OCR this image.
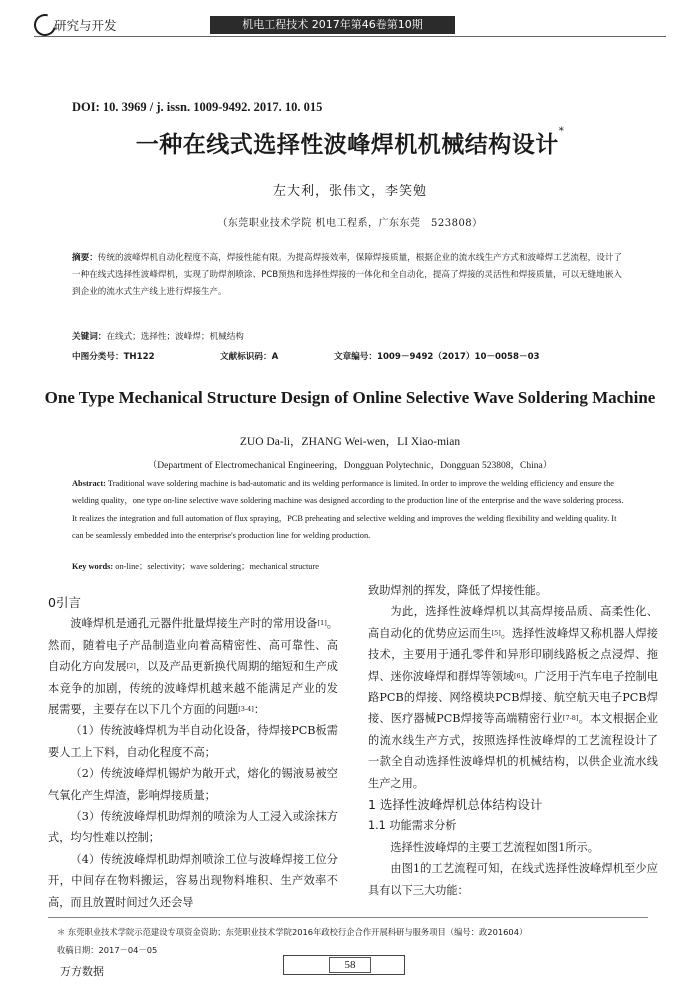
研究与开发	机电工程技术 2017年第46卷第10期
DOI: 10. 3969 / j. issn. 1009-9492. 2017. 10. 015
一种在线式选择性波峰焊机机械结构设计*
左大利，张伟文，李笑勉
（东莞职业技术学院 机电工程系，广东东莞　523808）
摘要：传统的波峰焊机自动化程度不高，焊接性能有限。为提高焊接效率，保障焊接质量，根据企业的流水线生产方式和波峰焊工艺流程，设计了一种在线式选择性波峰焊机，实现了助焊剂喷涂、PCB预热和选择性焊接的一体化和全自动化，提高了焊接的灵活性和焊接质量，可以无缝地嵌入到企业的流水式生产线上进行焊接生产。
关键词：在线式；选择性；波峰焊；机械结构
中图分类号：TH122	文献标识码：A	文章编号：1009－9492（2017）10－0058－03
One Type Mechanical Structure Design of Online Selective Wave Soldering Machine
ZUO Da-li，ZHANG Wei-wen，LI Xiao-mian
（Department of Electromechanical Engineering，Dongguan Polytechnic，Dongguan 523808，China）
Abstract: Traditional wave soldering machine is bad-automatic and its welding performance is limited. In order to improve the welding efficiency and ensure the welding quality，one type on-line selective wave soldering machine was designed according to the production line of the enterprise and the wave soldering process. It realizes the integration and full automation of flux spraying，PCB preheating and selective welding and improves the welding flexibility and welding quality. It can be seamlessly embedded into the enterprise's production line for welding production.
Key words: on-line；selectivity；wave soldering；mechanical structure
0引言

波峰焊机是通孔元器件批量焊接生产时的常用设备[1]。然而，随着电子产品制造业向着高精密性、高可靠性、高自动化方向发展[2]，以及产品更新换代周期的缩短和生产成本竞争的加剧，传统的波峰焊机越来越不能满足产业的发展需要，主要存在以下几个方面的问题[3-4]：

（1）传统波峰焊机为半自动化设备，待焊接PCB板需要人工上下料，自动化程度不高；

（2）传统波峰焊机锡炉为敞开式，熔化的锡液易被空气氧化产生焊渣，影响焊接质量；

（3）传统波峰焊机助焊剂的喷涂为人工浸入或涂抹方式，均匀性难以控制；

（4）传统波峰焊机助焊剂喷涂工位与波峰焊接工位分开，中间存在物料搬运，容易出现物料堆积、生产效率不高，而且放置时间过久还会导

致助焊剂的挥发，降低了焊接性能。

为此，选择性波峰焊机以其高焊接品质、高柔性化、高自动化的优势应运而生[5]。选择性波峰焊又称机器人焊接技术，主要用于通孔零件和异形印刷线路板之点浸焊、拖焊、迷你波峰焊和群焊等领域[6]。广泛用于汽车电子控制电路PCB的焊接、网络模块PCB焊接、航空航天电子PCB焊接、医疗器械PCB焊接等高端精密行业[7-8]。本文根据企业的流水线生产方式，按照选择性波峰焊的工艺流程设计了一款全自动选择性波峰焊机的机械结构，以供企业流水线生产之用。

1 选择性波峰焊机总体结构设计
1.1 功能需求分析

选择性波峰焊的主要工艺流程如图1所示。

由图1的工艺流程可知，在线式选择性波峰焊机至少应具有以下三大功能：

＊ 东莞职业技术学院示范建设专项资金资助；东莞职业技术学院2016年政校行企合作开展科研与服务项目（编号：政201604）
收稿日期：2017－04－05
万方数据	58
